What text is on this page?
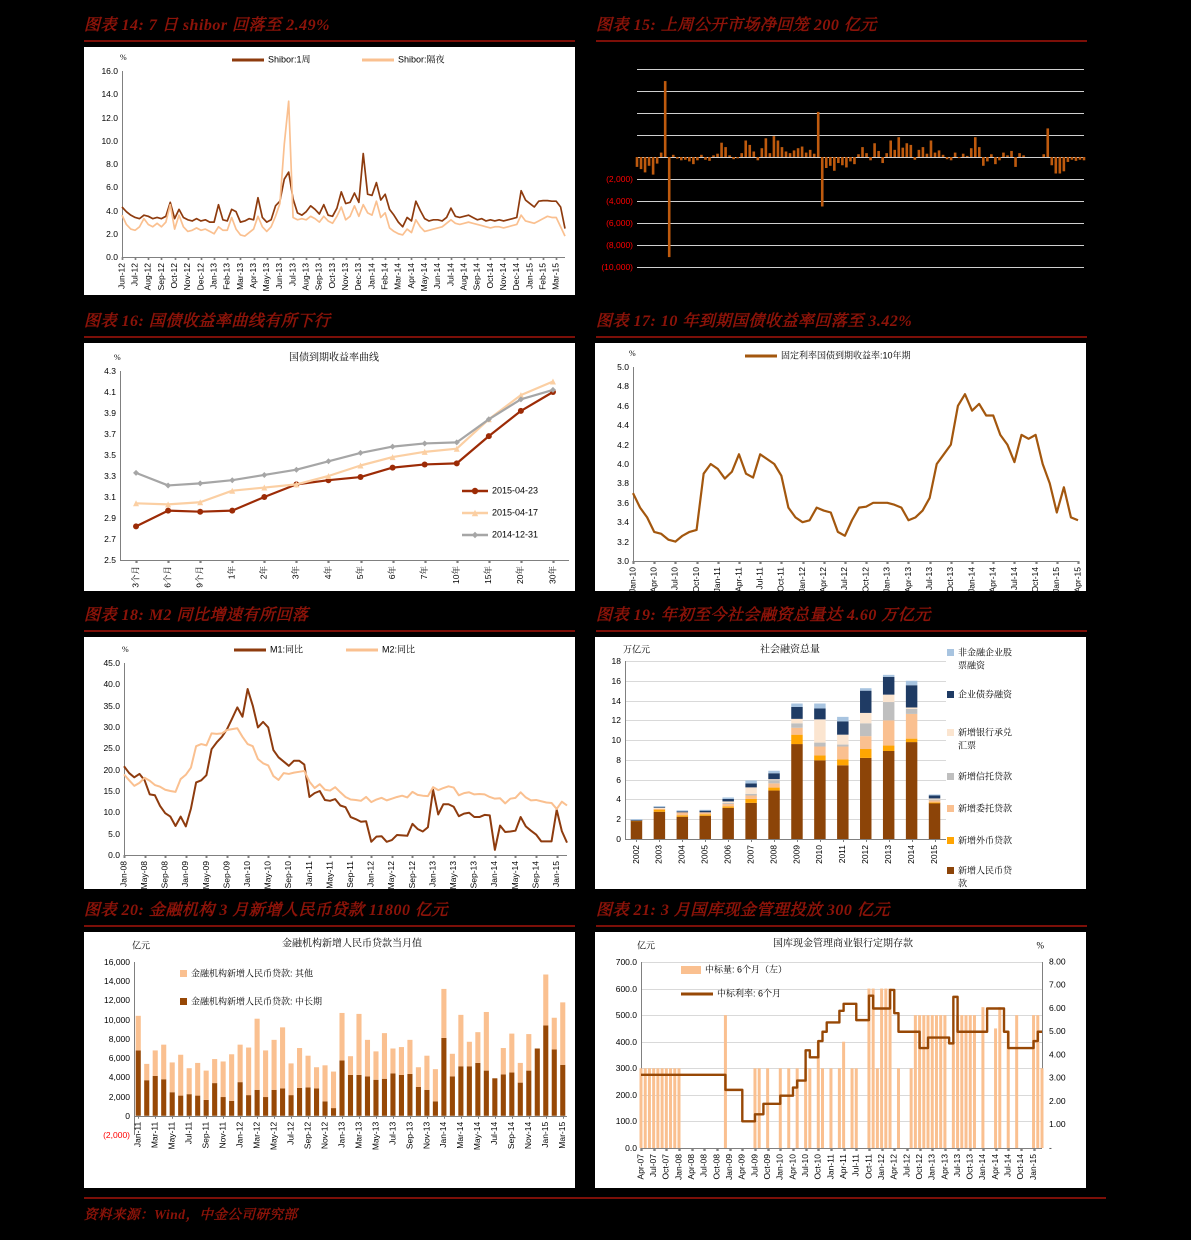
图表 14: 7 日 shibor 回落至 2.49%	图表 15: 上周公开市场净回笼 200 亿元
图表 16: 国债收益率曲线有所下行	图表 17: 10 年到期国债收益率回落至 3.42%
图表 18: M2 同比增速有所回落	图表 19: 年初至今社会融资总量达 4.60 万亿元
图表 20: 金融机构 3 月新增人民币贷款 11800 亿元	图表 21: 3 月国库现金管理投放 300 亿元
资料来源：Wind，中金公司研究部
